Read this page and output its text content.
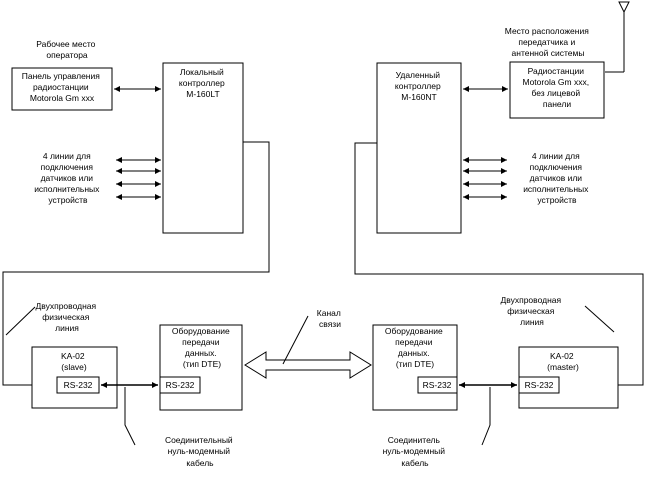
Рабочее место оператора
Панель управления радиостанции Motorola Gm xxx
Локальный контроллер M-160LT
4 линии для подключения датчиков или исполнительных устройств
Место расположения передатчика и антенной системы
Радиостанции Motorola Gm xxx, без лицевой панели
Удаленный контроллер M-160NT
4 линии для подключения датчиков или исполнительных устройств
Двухпроводная физическая линия
KA-02 (slave)
RS-232
Оборудование передачи данных. (тип DTE)
RS-232
Соединительный нуль-модемный кабель
Канал связи
Двухпроводная физическая линия
Оборудование передачи данных. (тип DTE)
RS-232
KA-02 (master)
RS-232
Соединитель нуль-модемный кабель
